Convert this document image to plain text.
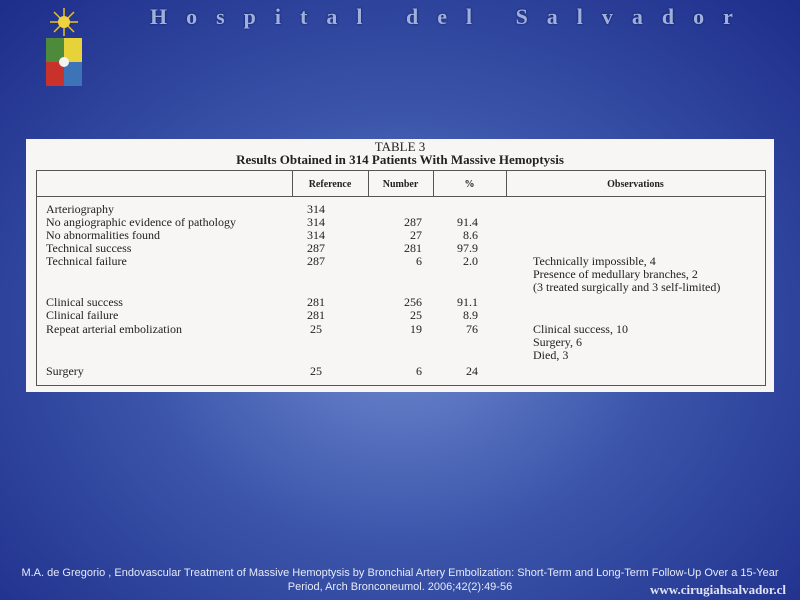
Hospital del Salvador
TABLE 3
Results Obtained in 314 Patients With Massive Hemoptysis
Reference	Number	%	Observations
Arteriography	314
No angiographic evidence of pathology	314	287	91.4
No abnormalities found	314	27	8.6
Technical success	287	281	97.9
Technical failure	287	6	2.0	Technically impossible, 4
Presence of medullary branches, 2
(3 treated surgically and 3 self-limited)
Clinical success	281	256	91.1
Clinical failure	281	25	8.9
Repeat arterial embolization	25	19	76	Clinical success, 10
Surgery, 6
Died, 3
Surgery	25	6	24
M.A. de Gregorio , Endovascular Treatment of Massive Hemoptysis by Bronchial Artery Embolization: Short-Term and Long-Term Follow-Up Over a 15-Year
Period, Arch Bronconeumol. 2006;42(2):49-56	www.cirugiahsalvador.cl
